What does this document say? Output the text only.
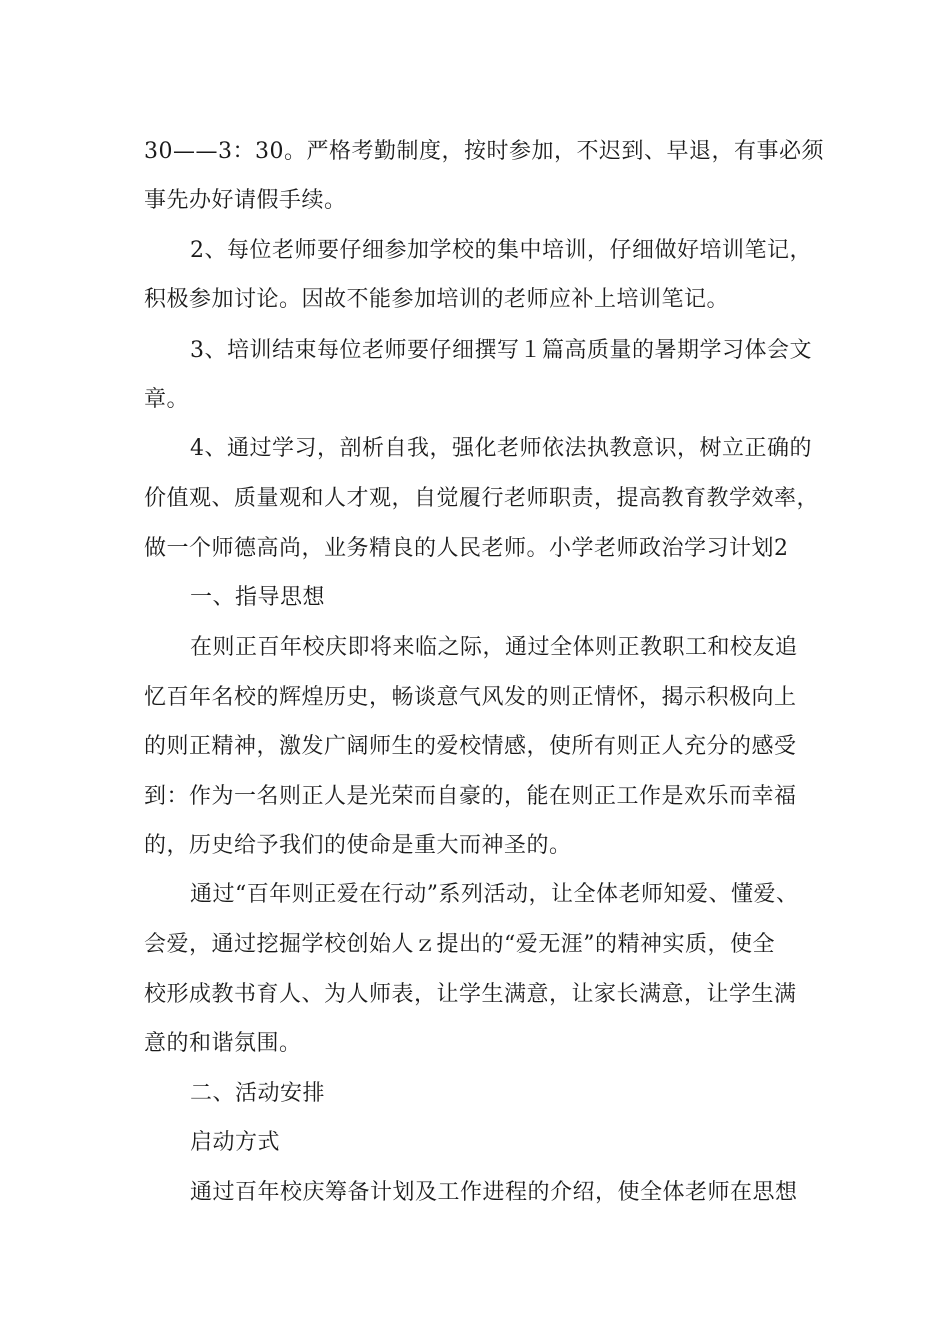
30——3：30。严格考勤制度，按时参加，不迟到、早退，有事必须
事先办好请假手续。
2、每位老师要仔细参加学校的集中培训，仔细做好培训笔记，
积极参加讨论。因故不能参加培训的老师应补上培训笔记。
3、培训结束每位老师要仔细撰写１篇高质量的暑期学习体会文
章。
4、通过学习，剖析自我，强化老师依法执教意识，树立正确的
价值观、质量观和人才观，自觉履行老师职责，提高教育教学效率，
做一个师德高尚，业务精良的人民老师。小学老师政治学习计划2
一、指导思想
在则正百年校庆即将来临之际，通过全体则正教职工和校友追
忆百年名校的辉煌历史，畅谈意气风发的则正情怀，揭示积极向上
的则正精神，激发广阔师生的爱校情感，使所有则正人充分的感受
到：作为一名则正人是光荣而自豪的，能在则正工作是欢乐而幸福
的，历史给予我们的使命是重大而神圣的。
通过“百年则正爱在行动”系列活动，让全体老师知爱、懂爱、
会爱，通过挖掘学校创始人ｚ提出的“爱无涯”的精神实质，使全
校形成教书育人、为人师表，让学生满意，让家长满意，让学生满
意的和谐氛围。
二、活动安排
启动方式
通过百年校庆筹备计划及工作进程的介绍，使全体老师在思想
